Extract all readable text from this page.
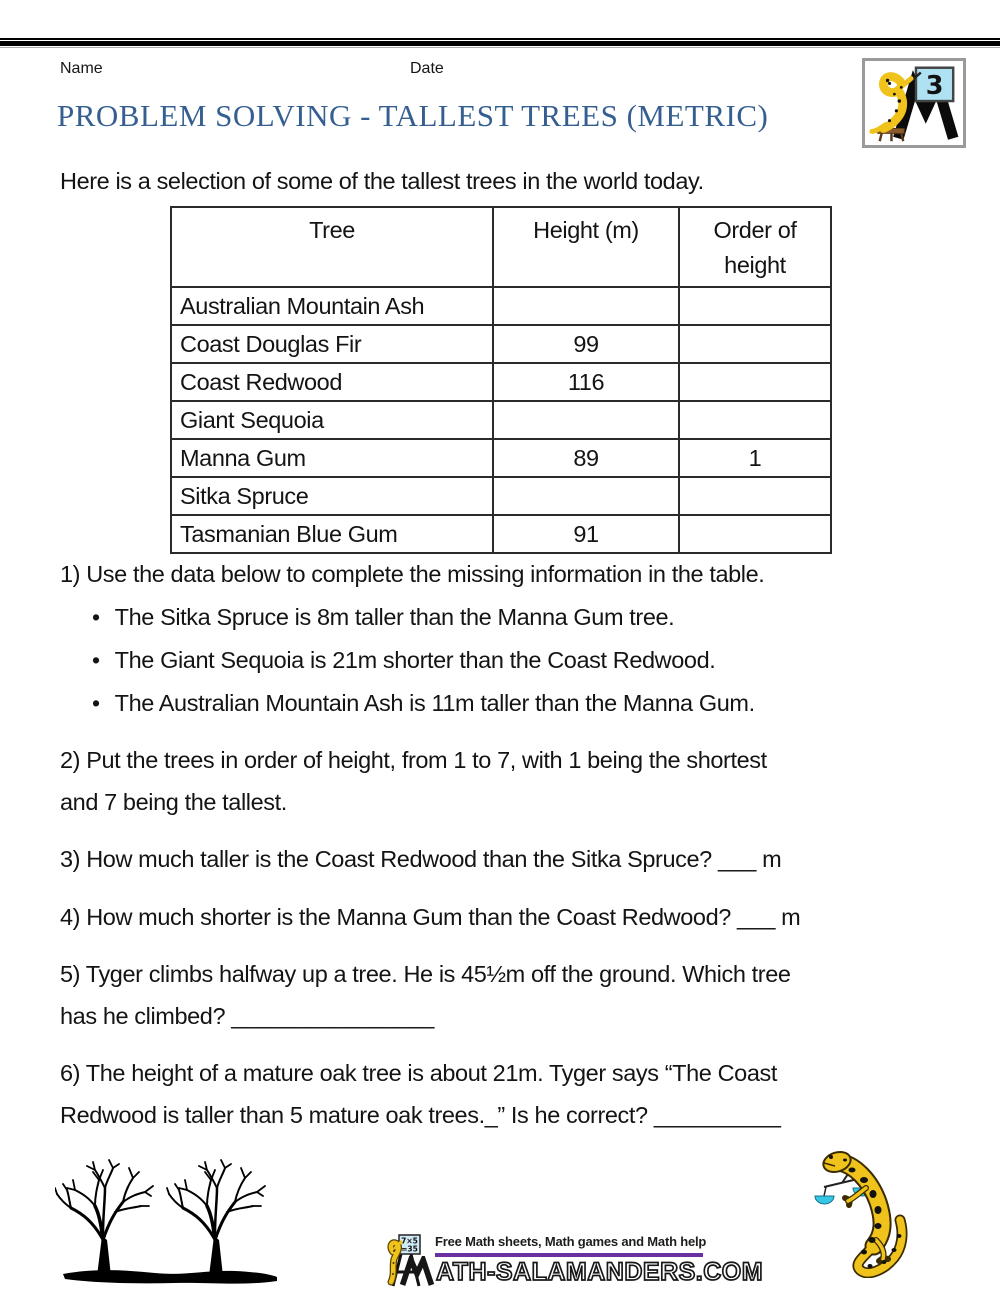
Name	Date
3
PROBLEM SOLVING - TALLEST TREES (METRIC)
Here is a selection of some of the tallest trees in the world today.
Tree	Height (m)	Order of height
Australian Mountain Ash		
Coast Douglas Fir	99	
Coast Redwood	116	
Giant Sequoia		
Manna Gum	89	1
Sitka Spruce		
Tasmanian Blue Gum	91	
1) Use the data below to complete the missing information in the table.
• The Sitka Spruce is 8m taller than the Manna Gum tree.
• The Giant Sequoia is 21m shorter than the Coast Redwood.
• The Australian Mountain Ash is 11m taller than the Manna Gum.
2) Put the trees in order of height, from 1 to 7, with 1 being the shortest
and 7 being the tallest.
3) How much taller is the Coast Redwood than the Sitka Spruce? ___ m
4) How much shorter is the Manna Gum than the Coast Redwood? ___ m
5) Tyger climbs halfway up a tree. He is 45½m off the ground. Which tree
has he climbed? ________________
6) The height of a mature oak tree is about 21m. Tyger says “The Coast
Redwood is taller than 5 mature oak trees._” Is he correct? __________
7×5
=35 Free Math sheets, Math games and Math help
ATH-SALAMANDERS.COM
